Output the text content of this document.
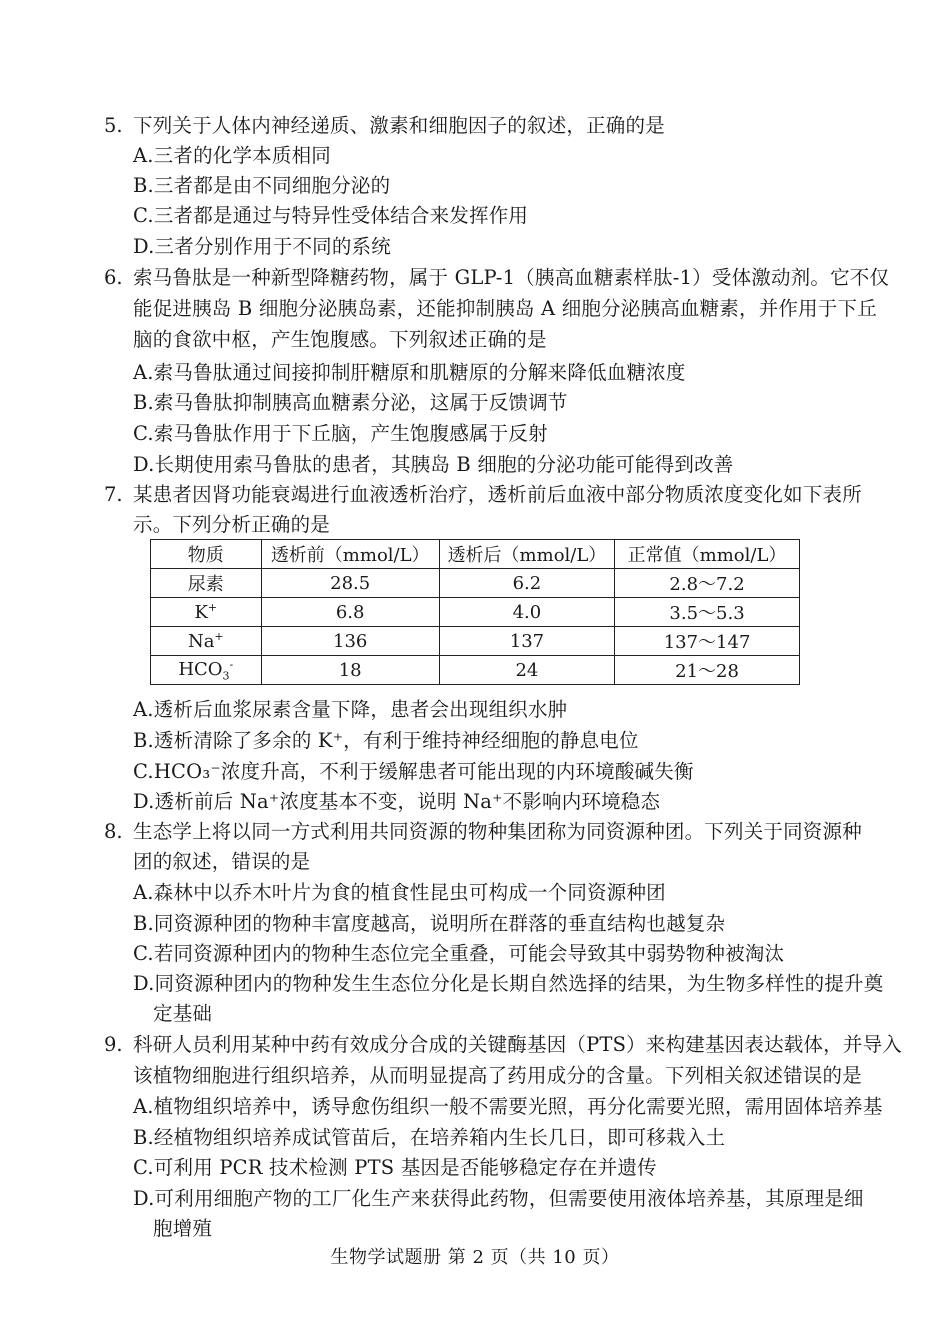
5. 下列关于人体内神经递质、激素和细胞因子的叙述，正确的是
A.三者的化学本质相同
B.三者都是由不同细胞分泌的
C.三者都是通过与特异性受体结合来发挥作用
D.三者分别作用于不同的系统
6. 索马鲁肽是一种新型降糖药物，属于 GLP-1（胰高血糖素样肽-1）受体激动剂。它不仅
能促进胰岛 B 细胞分泌胰岛素，还能抑制胰岛 A 细胞分泌胰高血糖素，并作用于下丘
脑的食欲中枢，产生饱腹感。下列叙述正确的是
A.索马鲁肽通过间接抑制肝糖原和肌糖原的分解来降低血糖浓度
B.索马鲁肽抑制胰高血糖素分泌，这属于反馈调节
C.索马鲁肽作用于下丘脑，产生饱腹感属于反射
D.长期使用索马鲁肽的患者，其胰岛 B 细胞的分泌功能可能得到改善
7. 某患者因肾功能衰竭进行血液透析治疗，透析前后血液中部分物质浓度变化如下表所
示。下列分析正确的是
物质	透析前（mmol/L）	透析后（mmol/L）	正常值（mmol/L）
尿素	28.5	6.2	2.8～7.2
K+	6.8	4.0	3.5～5.3
Na+	136	137	137～147
$HCO_3^-$	18	24	21～28
A.透析后血浆尿素含量下降，患者会出现组织水肿
B.透析清除了多余的 K⁺，有利于维持神经细胞的静息电位
C.HCO₃⁻浓度升高，不利于缓解患者可能出现的内环境酸碱失衡
D.透析前后 Na⁺浓度基本不变，说明 Na⁺不影响内环境稳态
8. 生态学上将以同一方式利用共同资源的物种集团称为同资源种团。下列关于同资源种
团的叙述，错误的是
A.森林中以乔木叶片为食的植食性昆虫可构成一个同资源种团
B.同资源种团的物种丰富度越高，说明所在群落的垂直结构也越复杂
C.若同资源种团内的物种生态位完全重叠，可能会导致其中弱势物种被淘汰
D.同资源种团内的物种发生生态位分化是长期自然选择的结果，为生物多样性的提升奠
定基础
9. 科研人员利用某种中药有效成分合成的关键酶基因（PTS）来构建基因表达载体，并导入
该植物细胞进行组织培养，从而明显提高了药用成分的含量。下列相关叙述错误的是
A.植物组织培养中，诱导愈伤组织一般不需要光照，再分化需要光照，需用固体培养基
B.经植物组织培养成试管苗后，在培养箱内生长几日，即可移栽入土
C.可利用 PCR 技术检测 PTS 基因是否能够稳定存在并遗传
D.可利用细胞产物的工厂化生产来获得此药物，但需要使用液体培养基，其原理是细
胞增殖
生物学试题册 第 2 页（共 10 页）
